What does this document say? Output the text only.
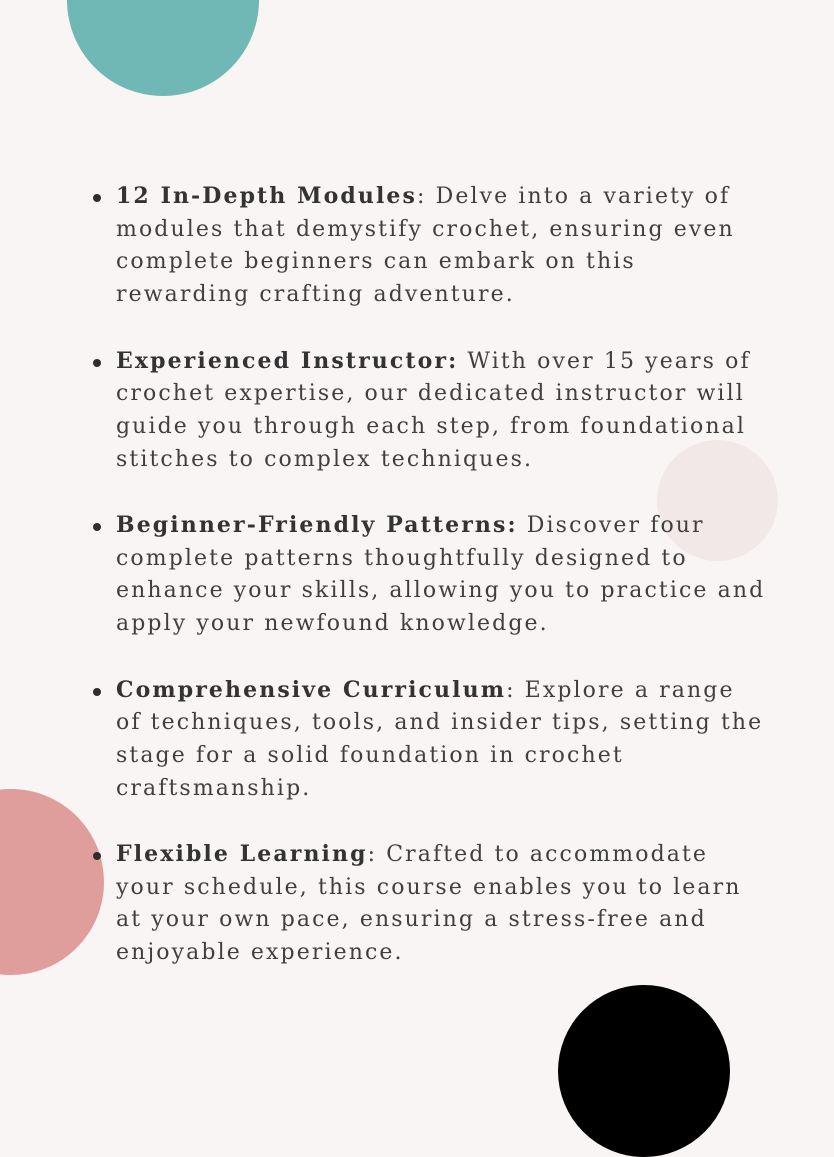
12 In-Depth Modules: Delve into a variety of modules that demystify crochet, ensuring even complete beginners can embark on this rewarding crafting adventure.
Experienced Instructor: With over 15 years of crochet expertise, our dedicated instructor will guide you through each step, from foundational stitches to complex techniques.
Beginner-Friendly Patterns: Discover four complete patterns thoughtfully designed to enhance your skills, allowing you to practice and apply your newfound knowledge.
Comprehensive Curriculum: Explore a range of techniques, tools, and insider tips, setting the stage for a solid foundation in crochet craftsmanship.
Flexible Learning: Crafted to accommodate your schedule, this course enables you to learn at your own pace, ensuring a stress-free and enjoyable experience.
